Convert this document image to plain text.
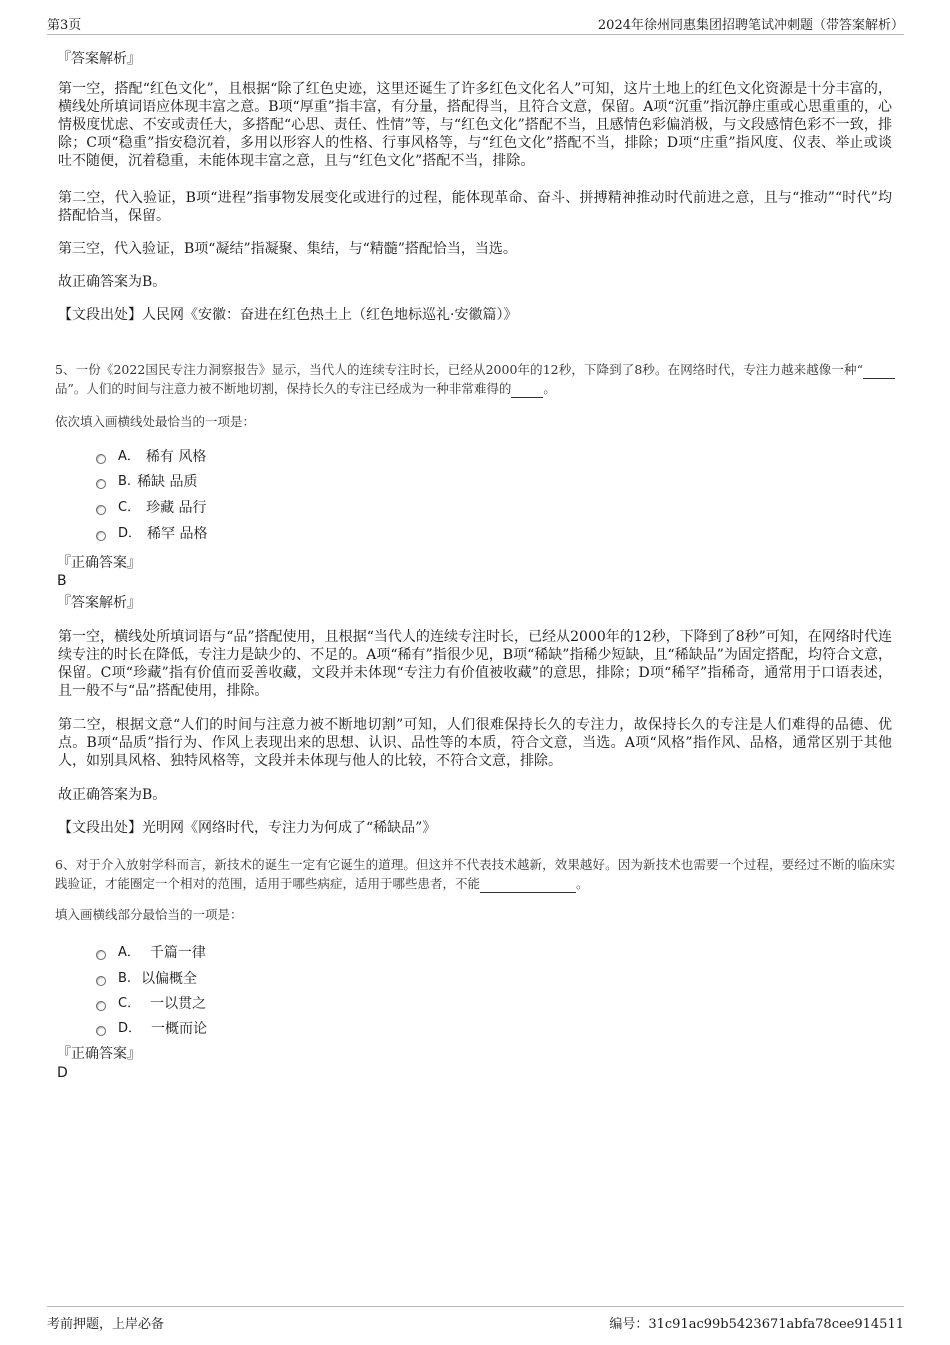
第3页	2024年徐州同惠集团招聘笔试冲刺题（带答案解析）
『答案解析』
第一空，搭配“红色文化”，且根据“除了红色史迹，这里还诞生了许多红色文化名人”可知，这片土地上的红色文化资源是十分丰富的，横线处所填词语应体现丰富之意。B项“厚重”指丰富，有分量，搭配得当，且符合文意，保留。A项“沉重”指沉静庄重或心思重重的，心情极度忧虑、不安或责任大，多搭配“心思、责任、性情”等，与“红色文化”搭配不当，且感情色彩偏消极，与文段感情色彩不一致，排除；C项“稳重”指安稳沉着，多用以形容人的性格、行事风格等，与“红色文化”搭配不当，排除；D项“庄重”指风度、仪表、举止或谈吐不随便，沉着稳重，未能体现丰富之意，且与“红色文化”搭配不当，排除。
第二空，代入验证，B项“进程”指事物发展变化或进行的过程，能体现革命、奋斗、拼搏精神推动时代前进之意，且与“推动”“时代”均搭配恰当，保留。
第三空，代入验证，B项“凝结”指凝聚、集结，与“精髓”搭配恰当，当选。
故正确答案为B。
【文段出处】人民网《安徽：奋进在红色热土上（红色地标巡礼·安徽篇）》
5、一份《2022国民专注力洞察报告》显示，当代人的连续专注时长，已经从2000年的12秒，下降到了8秒。在网络时代，专注力越来越像一种“品”。人们的时间与注意力被不断地切割，保持长久的专注已经成为一种非常难得的	。
依次填入画横线处最恰当的一项是：
A． 稀有 风格
B. 稀缺 品质
C． 珍藏 品行
D． 稀罕 品格
『正确答案』
B
『答案解析』
第一空，横线处所填词语与“品”搭配使用，且根据“当代人的连续专注时长，已经从2000年的12秒，下降到了8秒”可知，在网络时代连续专注的时长在降低，专注力是缺少的、不足的。A项“稀有”指很少见，B项“稀缺”指稀少短缺，且“稀缺品”为固定搭配，均符合文意，保留。C项“珍藏”指有价值而妥善收藏，文段并未体现“专注力有价值被收藏”的意思，排除；D项“稀罕”指稀奇，通常用于口语表述，且一般不与“品”搭配使用，排除。
第二空，根据文意“人们的时间与注意力被不断地切割”可知，人们很难保持长久的专注力，故保持长久的专注是人们难得的品德、优点。B项“品质”指行为、作风上表现出来的思想、认识、品性等的本质，符合文意，当选。A项“风格”指作风、品格，通常区别于其他人，如别具风格、独特风格等，文段并未体现与他人的比较，不符合文意，排除。
故正确答案为B。
【文段出处】光明网《网络时代，专注力为何成了“稀缺品”》
6、对于介入放射学科而言，新技术的诞生一定有它诞生的道理。但这并不代表技术越新，效果越好。因为新技术也需要一个过程，要经过不断的临床实践验证，才能圈定一个相对的范围，适用于哪些病症，适用于哪些患者，不能	。
填入画横线部分最恰当的一项是：
A． 千篇一律
B. 以偏概全
C． 一以贯之
D． 一概而论
『正确答案』
D
考前押题，上岸必备	编号：31c91ac99b5423671abfa78cee914511
